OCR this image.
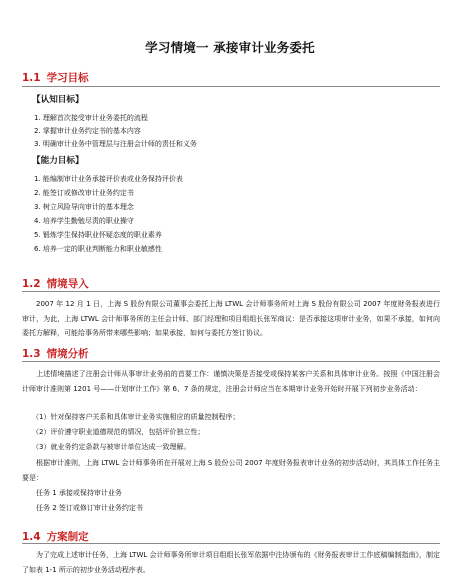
学习情境一 承接审计业务委托
1.1 学习目标
【认知目标】
1. 理解首次接受审计业务委托的流程
2. 掌握审计业务约定书的基本内容
3. 明确审计业务中管理层与注册会计师的责任和义务
【能力目标】
1. 能编制审计业务承接评价表或业务保持评价表
2. 能签订或修改审计业务约定书
3. 树立风险导向审计的基本理念
4. 培养学生勤勉尽责的职业操守
5. 锻炼学生保持职业怀疑态度的职业素养
6. 培养一定的职业判断能力和职业敏感性
1.2 情境导入
2007 年 12 月 1 日，上海 S 股份有限公司董事会委托上海 LTWL 会计师事务所对上海 S 股份有限公司 2007 年度财务报表进行审计，为此，上海 LTWL 会计师事务所的主任会计师、部门经理和项目组组长张军商议：是否承接这项审计业务，如果不承接，如何向委托方解释，可能给事务所带来哪些影响；如果承接，如何与委托方签订协议。
1.3 情境分析
上述情境描述了注册会计师从事审计业务前的首要工作：谨慎决策是否接受或保持某客户关系和具体审计业务。按照《中国注册会计师审计准则第 1201 号——计划审计工作》第 6、7 条的规定，注册会计师应当在本期审计业务开始时开展下列初步业务活动：
（1）针对保持客户关系和具体审计业务实施相应的质量控制程序；
（2）评价遵守职业道德规范的情况，包括评价独立性；
（3）就业务约定条款与被审计单位达成一致理解。
根据审计准则，上海 LTWL 会计师事务所在开展对上海 S 股份公司 2007 年度财务报表审计业务的初步活动时，其具体工作任务主要是：
任务 1 承接或保持审计业务
任务 2 签订或修订审计业务约定书
1.4 方案制定
为了完成上述审计任务，上海 LTWL 会计师事务所审计项目组组长张军依据中注协颁布的《财务报表审计工作底稿编制指南》，制定了如表 1-1 所示的初步业务活动程序表。
